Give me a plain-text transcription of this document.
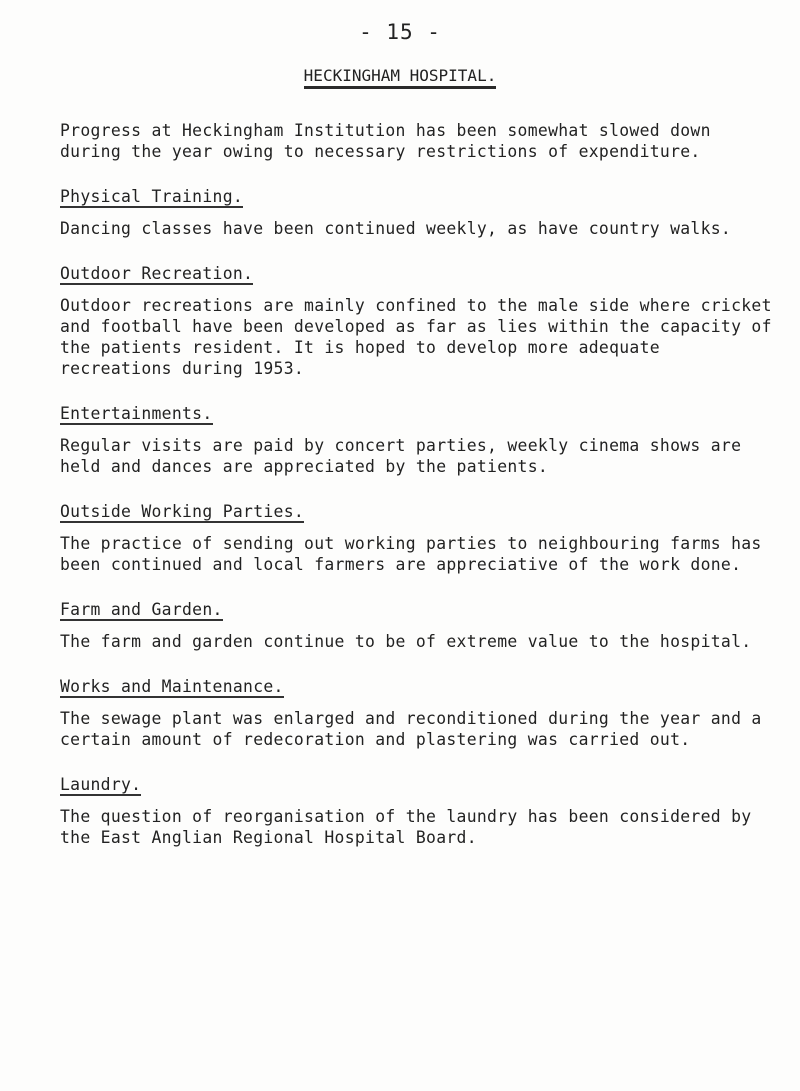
- 15 -
HECKINGHAM HOSPITAL.

Progress at Heckingham Institution has been somewhat slowed down during the year owing to necessary restrictions of expenditure.

Physical Training.

Dancing classes have been continued weekly, as have country walks.

Outdoor Recreation.

Outdoor recreations are mainly confined to the male side where cricket and football have been developed as far as lies within the capacity of the patients resident. It is hoped to develop more adequate recreations during 1953.

Entertainments.

Regular visits are paid by concert parties, weekly cinema shows are held and dances are appreciated by the patients.

Outside Working Parties.

The practice of sending out working parties to neighbouring farms has been continued and local farmers are appreciative of the work done.

Farm and Garden.

The farm and garden continue to be of extreme value to the hospital.

Works and Maintenance.

The sewage plant was enlarged and reconditioned during the year and a certain amount of redecoration and plastering was carried out.

Laundry.

The question of reorganisation of the laundry has been considered by the East Anglian Regional Hospital Board.
